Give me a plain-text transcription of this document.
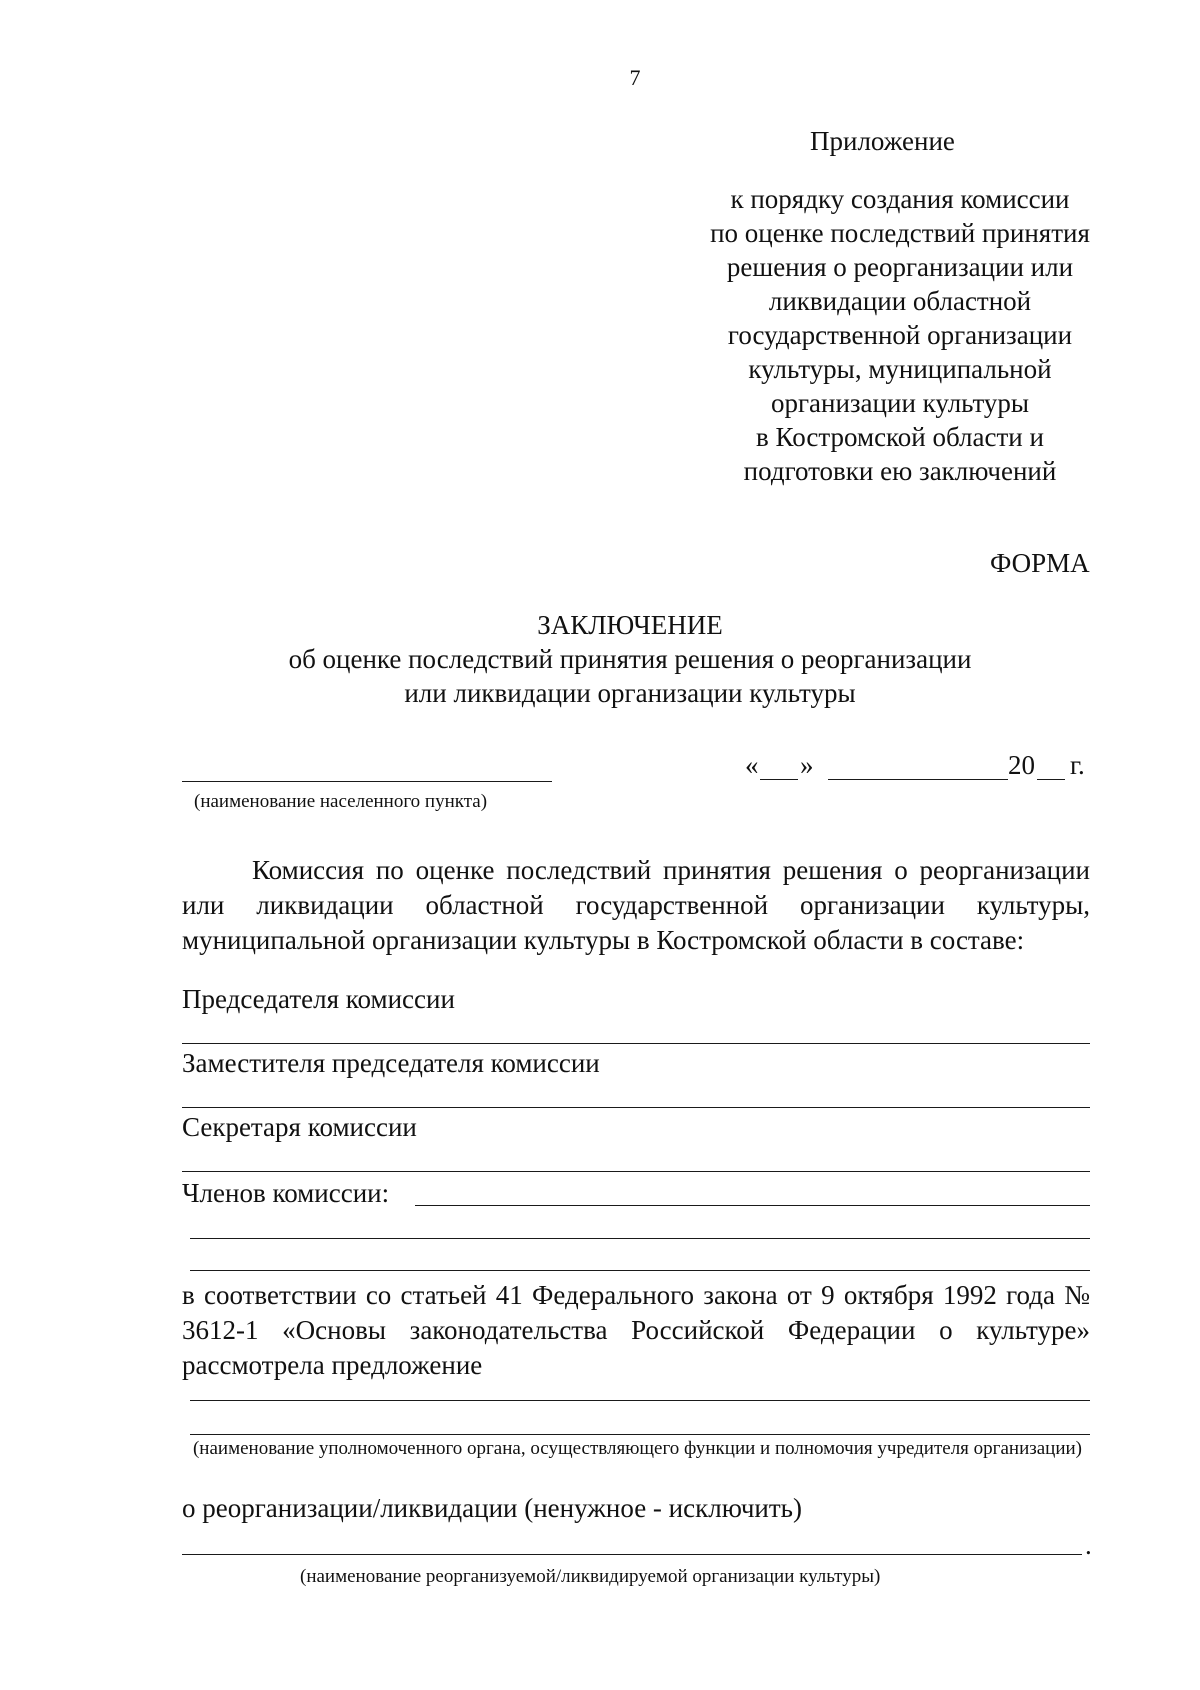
7
Приложение
к порядку создания комиссии
по оценке последствий принятия
решения о реорганизации или
ликвидации областной
государственной организации
культуры, муниципальной
организации культуры
в Костромской области и
подготовки ею заключений
ФОРМА
ЗАКЛЮЧЕНИЕ
об оценке последствий принятия решения о реорганизации
или ликвидации организации культуры
(наименование населенного пункта)
« »	20 г.
Комиссия по оценке последствий принятия решения о реорганизации или ликвидации областной государственной организации культуры, муниципальной организации культуры в Костромской области в составе:
Председателя комиссии
Заместителя председателя комиссии
Секретаря комиссии
Членов комиссии:
в соответствии со статьей 41 Федерального закона от 9 октября 1992 года № 3612-1 «Основы законодательства Российской Федерации о культуре» рассмотрела предложение
(наименование уполномоченного органа, осуществляющего функции и полномочия учредителя организации)
о реорганизации/ликвидации (ненужное - исключить)
.
(наименование реорганизуемой/ликвидируемой организации культуры)
